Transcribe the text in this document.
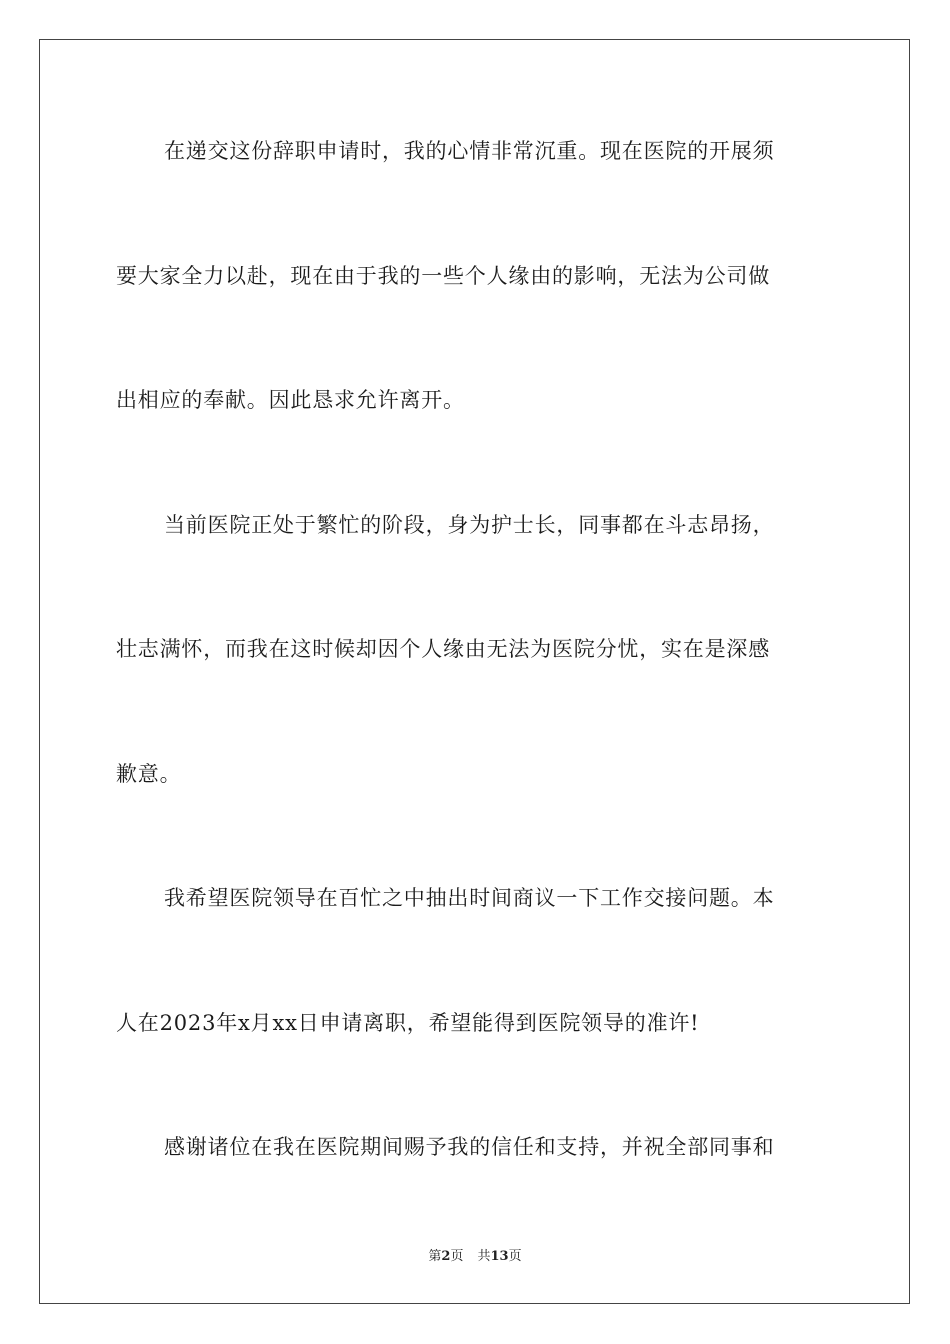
在递交这份辞职申请时，我的心情非常沉重。现在医院的开展须
要大家全力以赴，现在由于我的一些个人缘由的影响，无法为公司做
出相应的奉献。因此恳求允许离开。
当前医院正处于繁忙的阶段，身为护士长，同事都在斗志昂扬，
壮志满怀，而我在这时候却因个人缘由无法为医院分忧，实在是深感
歉意。
我希望医院领导在百忙之中抽出时间商议一下工作交接问题。本
人在2023年x月xx日申请离职，希望能得到医院领导的准许!
感谢诸位在我在医院期间赐予我的信任和支持，并祝全部同事和
第2页 共13页
